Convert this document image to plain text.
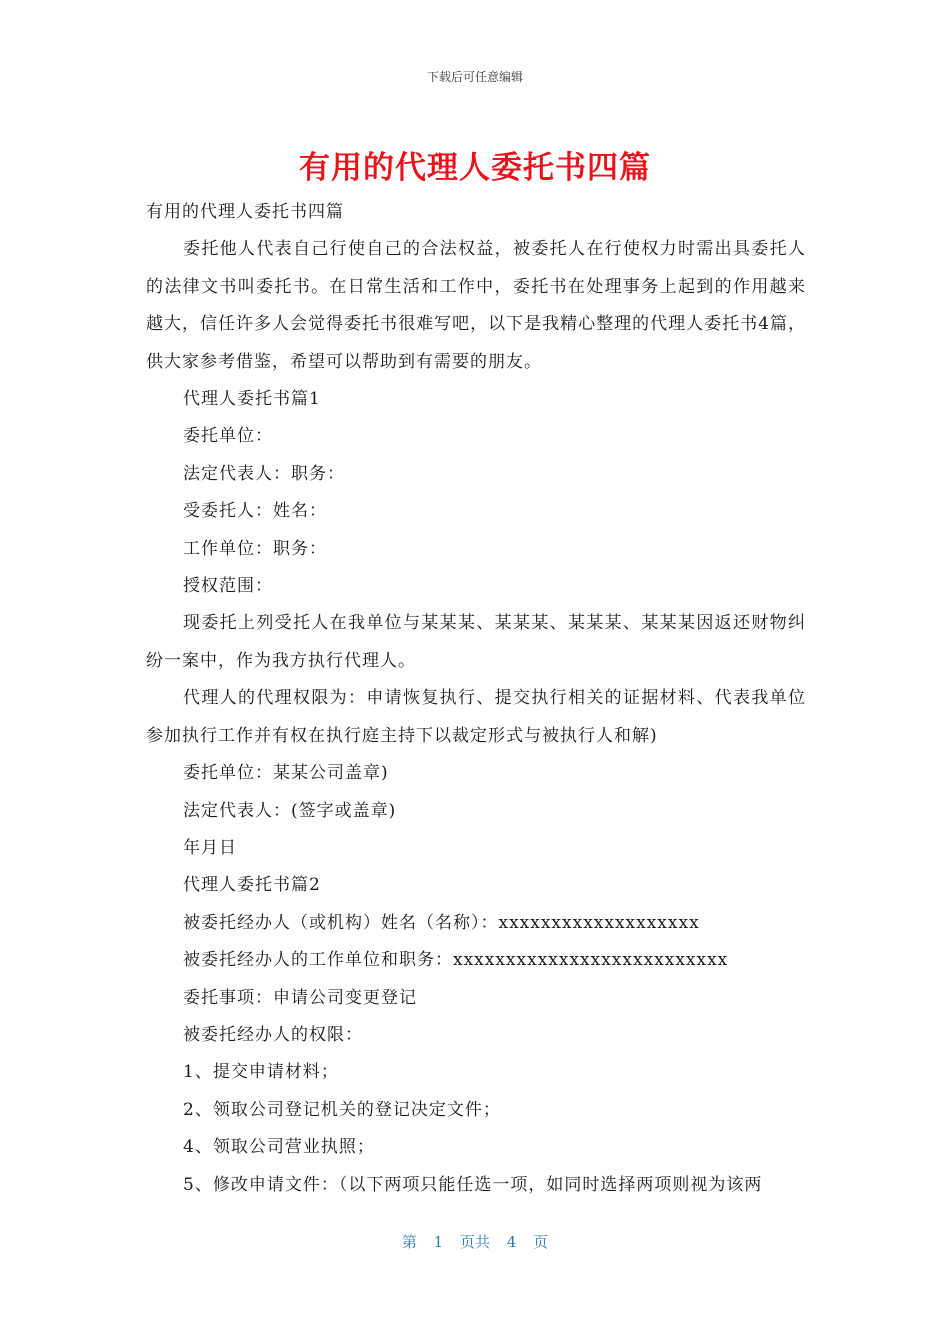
下载后可任意编辑
有用的代理人委托书四篇

有用的代理人委托书四篇

委托他人代表自己行使自己的合法权益，被委托人在行使权力时需出具委托人的法律文书叫委托书。在日常生活和工作中，委托书在处理事务上起到的作用越来越大，信任许多人会觉得委托书很难写吧，以下是我精心整理的代理人委托书4篇，供大家参考借鉴，希望可以帮助到有需要的朋友。

代理人委托书篇1

委托单位：

法定代表人：职务：

受委托人：姓名：

工作单位：职务：

授权范围：

现委托上列受托人在我单位与某某某、某某某、某某某、某某某因返还财物纠纷一案中，作为我方执行代理人。

代理人的代理权限为：申请恢复执行、提交执行相关的证据材料、代表我单位参加执行工作并有权在执行庭主持下以裁定形式与被执行人和解)

委托单位：某某公司盖章)

法定代表人：(签字或盖章)

年月日

代理人委托书篇2

被委托经办人（或机构）姓名（名称）：xxxxxxxxxxxxxxxxxxx

被委托经办人的工作单位和职务：xxxxxxxxxxxxxxxxxxxxxxxxxx

委托事项：申请公司变更登记

被委托经办人的权限：

1、提交申请材料；

2、领取公司登记机关的登记决定文件；

4、领取公司营业执照；

5、修改申请文件：（以下两项只能任选一项，如同时选择两项则视为该两

第 1 页共 4 页
